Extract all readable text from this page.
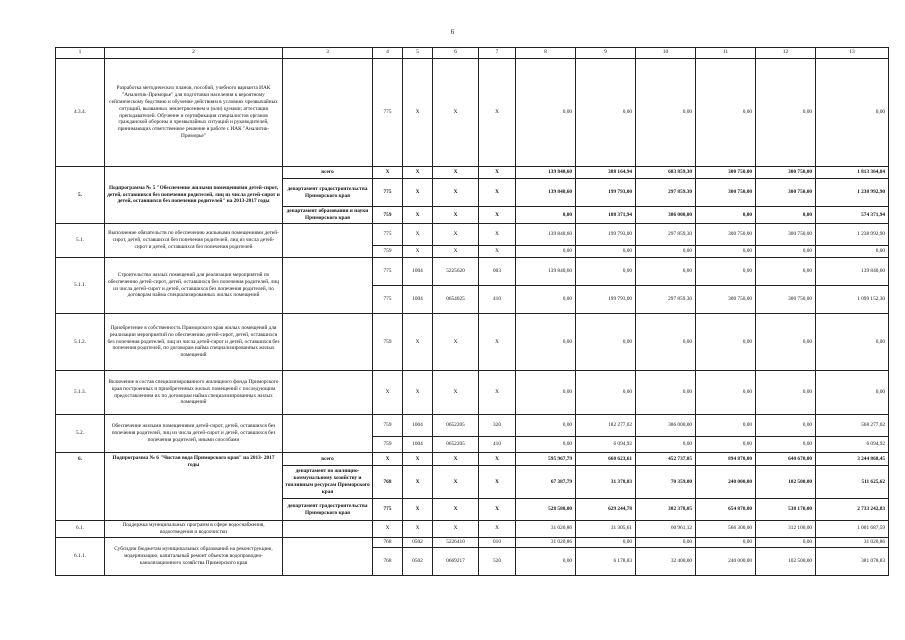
6
1	2	3	4	5	6	7	8	9	10	11	12	13
4.3.4.	Разработка методических планов, пособий, учебного варианта ИАК "Аналитик-Приморье" для подготовки населения к вероятному сейсмическому бедствию и обучение действиям в условиях чрезвычайных ситуаций, вызванных землетрясением и (или) цунами; аттестация преподавателей. Обучение и сертификация специалистов органов гражданской обороны и чрезвычайных ситуаций и руководителей, принимающих ответственное решение в работе с ИАК "Аналитик-Приморье"		775	X	X	X	0,00	0,00	0,00	0,00	0,00	0,00
5.	Подпрограмма № 5 "Обеспечение жилыми помещениями детей-сирот, детей, оставшихся без попечения родителей, лиц из числа детей-сирот и детей, оставшихся без попечения родителей" на 2013-2017 годы	всего	X	X	X	X	139 840,60	388 164,94	683 859,30	300 750,00	300 750,00	1 813 364,84
		департамент градостроительства Приморского края	775	X	X	X	139 840,60	199 793,00	297 859,30	300 750,00	300 750,00	1 238 992,90
		департамент образования и науки Приморского края	759	X	X	X	0,00	188 371,94	386 000,00	0,00	0,00	574 371,94
5.1.	Выполнение обязательств по обеспечению жильными помещениями детей-сирот, детей, оставшихся без попечения родителей, лиц из числа детей-сирот и детей, оставшихся без попечения родителей		775	X	X	X	139 840,60	199 793,00	297 859,30	300 750,00	300 750,00	1 238 992,90
			759	X	X	X	0,00	0,00	0,00	0,00	0,00	0,00
5.1.1.	Строительство жилых помещений для реализации мероприятий по обеспечению детей-сирот, детей, оставшихся без попечения родителей, лиц из числа детей-сирот и детей, оставшихся без попечения родителей, по договорам найма специализированных жилых помещений		775	1004	5225620	003	139 840,60	0,00	0,00	0,00	0,00	139 840,60
			775	1004	0654025	410	0,00	199 793,00	297 859,30	300 750,00	300 750,00	1 099 152,30
5.1.2.	Приобретение в собственность Приморского края жилых помещений для реализации мероприятий по обеспечению детей-сирот, детей, оставшихся без попечения родителей, лиц из числа детей-сирот и детей, оставшихся без попечения родителей, по договорам найма специализированных жилых помещений		759	X	X	X	0,00	0,00	0,00	0,00	0,00	0,00
5.1.3.	Включение в состав специализированного жилищного фонда Приморского края построенных и приобретенных жилых помещений с последующим предоставлением их по договорам найма специализированных жилых помещений		X	X	X	X	0,00	0,00	0,00	0,00	0,00	0,00
5.2.	Обеспечение жилыми помещениями детей-сирот, детей, оставшихся без попечения родителей, лиц из числа детей-сирот и детей, оставшихся без попечения родителей, иными способами		759	1004	0652205	320	0,00	182 277,02	386 000,00	0,00	0,00	568 277,02
			759	1004	0652205	410	0,00	6 094,92	0,00	0,00	0,00	6 094,92
6.	Подпрограмма № 6 "Чистая вода Приморского края" на 2013- 2017 годы	всего	X	X	X	X	595 967,79	660 623,61	452 737,05	894 870,00	640 670,00	3 244 868,45
		департамент по жилищно-коммунальному хозяйству и топливным ресурсам Приморского края	768	X	X	X	67 387,79	31 378,83	70 359,00	240 000,00	102 500,00	511 625,62
		департамент градостроительства Приморского края	775	X	X	X	528 580,00	629 244,78	382 378,05	654 870,00	538 170,00	2 733 242,83
6.1.	Поддержка муниципальных программ в сфере водоснабжения, водоотведения и водоочистки		X	X	X	X	31 020,86	31 305,61	60 961,12	566 300,00	312 100,00	1 001 687,59
6.1.1.	Субсидии бюджетам муниципальных образований на реконструкцию, модернизацию, капитальный ремонт объектов водопроводно-канализационного хозяйства Приморского края		768	0502	5226410	010	31 020,86	0,00	0,00	0,00	0,00	31 020,86
			768	0502	0669217	520	0,00	6 178,83	32 400,00	240 000,00	102 500,00	381 078,83
